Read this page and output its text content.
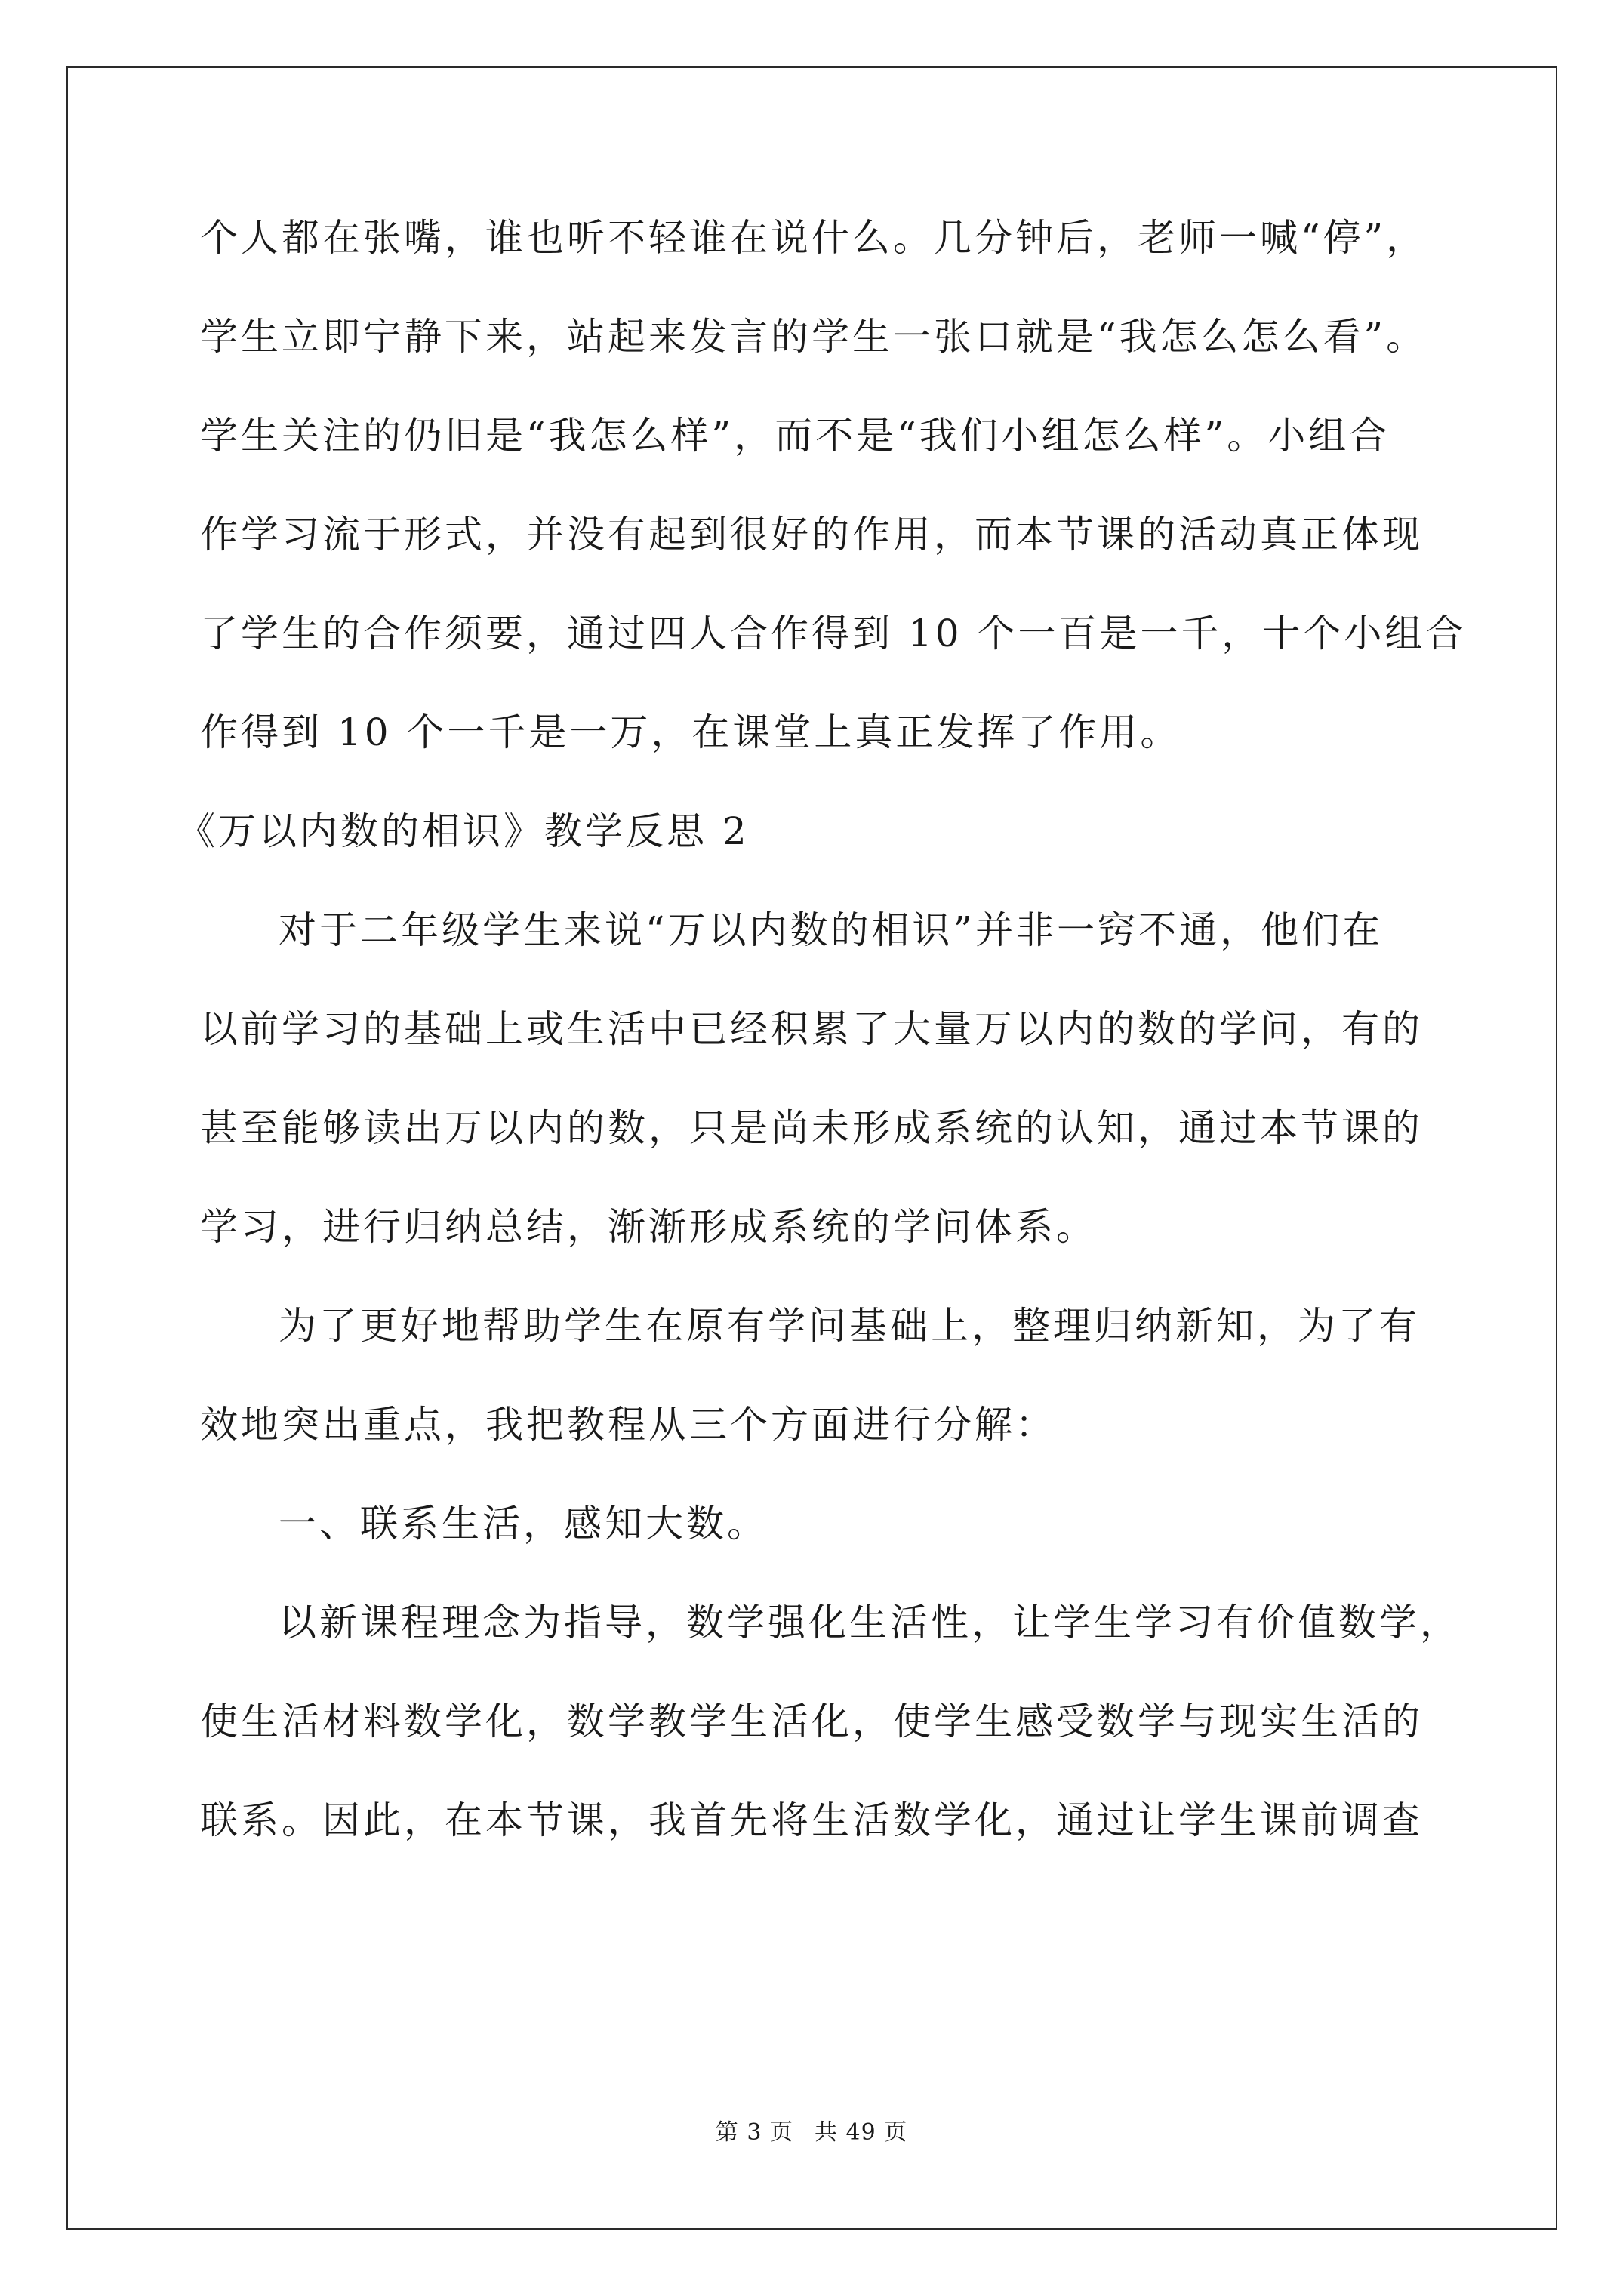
个人都在张嘴，谁也听不轻谁在说什么。几分钟后，老师一喊“停”，
学生立即宁静下来，站起来发言的学生一张口就是“我怎么怎么看”。
学生关注的仍旧是“我怎么样”，而不是“我们小组怎么样”。小组合
作学习流于形式，并没有起到很好的作用，而本节课的活动真正体现
了学生的合作须要，通过四人合作得到 10 个一百是一千，十个小组合
作得到 10 个一千是一万，在课堂上真正发挥了作用。
《万以内数的相识》教学反思 2
对于二年级学生来说“万以内数的相识”并非一窍不通，他们在
以前学习的基础上或生活中已经积累了大量万以内的数的学问，有的
甚至能够读出万以内的数，只是尚未形成系统的认知，通过本节课的
学习，进行归纳总结，渐渐形成系统的学问体系。
为了更好地帮助学生在原有学问基础上，整理归纳新知，为了有
效地突出重点，我把教程从三个方面进行分解：
一、联系生活，感知大数。
以新课程理念为指导，数学强化生活性，让学生学习有价值数学，
使生活材料数学化，数学教学生活化，使学生感受数学与现实生活的
联系。因此，在本节课，我首先将生活数学化，通过让学生课前调查
第 3 页 共 49 页
